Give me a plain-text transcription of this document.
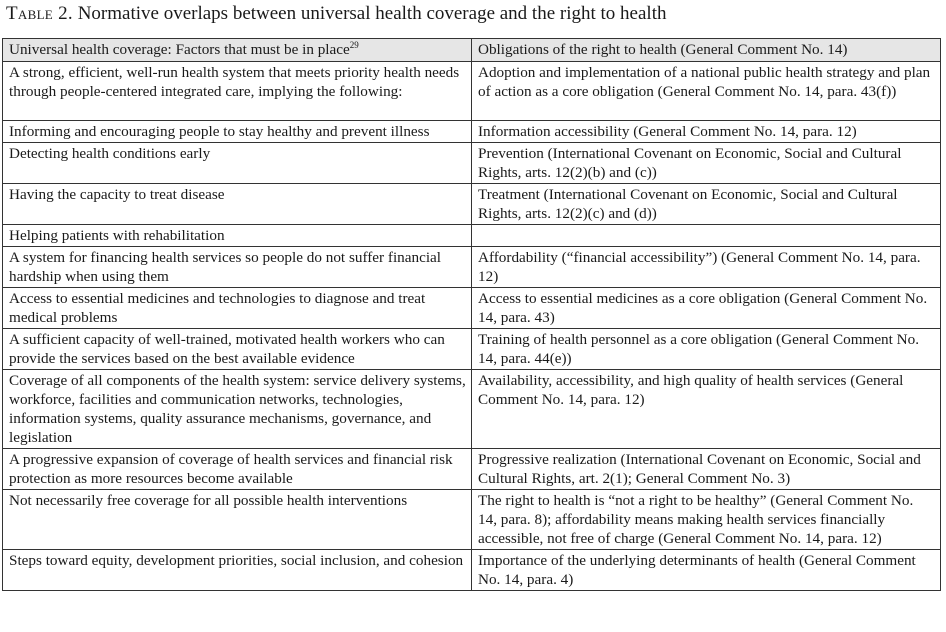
Table 2. Normative overlaps between universal health coverage and the right to health
Universal health coverage: Factors that must be in place$^{29}$	Obligations of the right to health (General Comment No. 14)
A strong, efficient, well-run health system that meets priority health needs through people-centered integrated care, implying the following:	Adoption and implementation of a national public health strategy and plan of action as a core obligation (General Comment No. 14, para. 43(f))
Informing and encouraging people to stay healthy and prevent illness	Information accessibility (General Comment No. 14, para. 12)
Detecting health conditions early	Prevention (International Covenant on Economic, Social and Cultural Rights, arts. 12(2)(b) and (c))
Having the capacity to treat disease	Treatment (International Covenant on Economic, Social and Cultural Rights, arts. 12(2)(c) and (d))
Helping patients with rehabilitation	
A system for financing health services so people do not suffer financial hardship when using them	Affordability (“financial accessibility”) (General Comment No. 14, para. 12)
Access to essential medicines and technologies to diagnose and treat medical problems	Access to essential medicines as a core obligation (General Comment No. 14, para. 43)
A sufficient capacity of well-trained, motivated health workers who can provide the services based on the best available evidence	Training of health personnel as a core obligation (General Comment No. 14, para. 44(e))
Coverage of all components of the health system: service delivery systems, workforce, facilities and communication networks, technologies, information systems, quality assurance mechanisms, governance, and legislation	Availability, accessibility, and high quality of health services (General Comment No. 14, para. 12)
A progressive expansion of coverage of health services and financial risk protection as more resources become available	Progressive realization (International Covenant on Economic, Social and Cultural Rights, art. 2(1); General Comment No. 3)
Not necessarily free coverage for all possible health interventions	The right to health is “not a right to be healthy” (General Comment No. 14, para. 8); affordability means making health services financially accessible, not free of charge (General Comment No. 14, para. 12)
Steps toward equity, development priorities, social inclusion, and cohesion	Importance of the underlying determinants of health (General Comment No. 14, para. 4)
